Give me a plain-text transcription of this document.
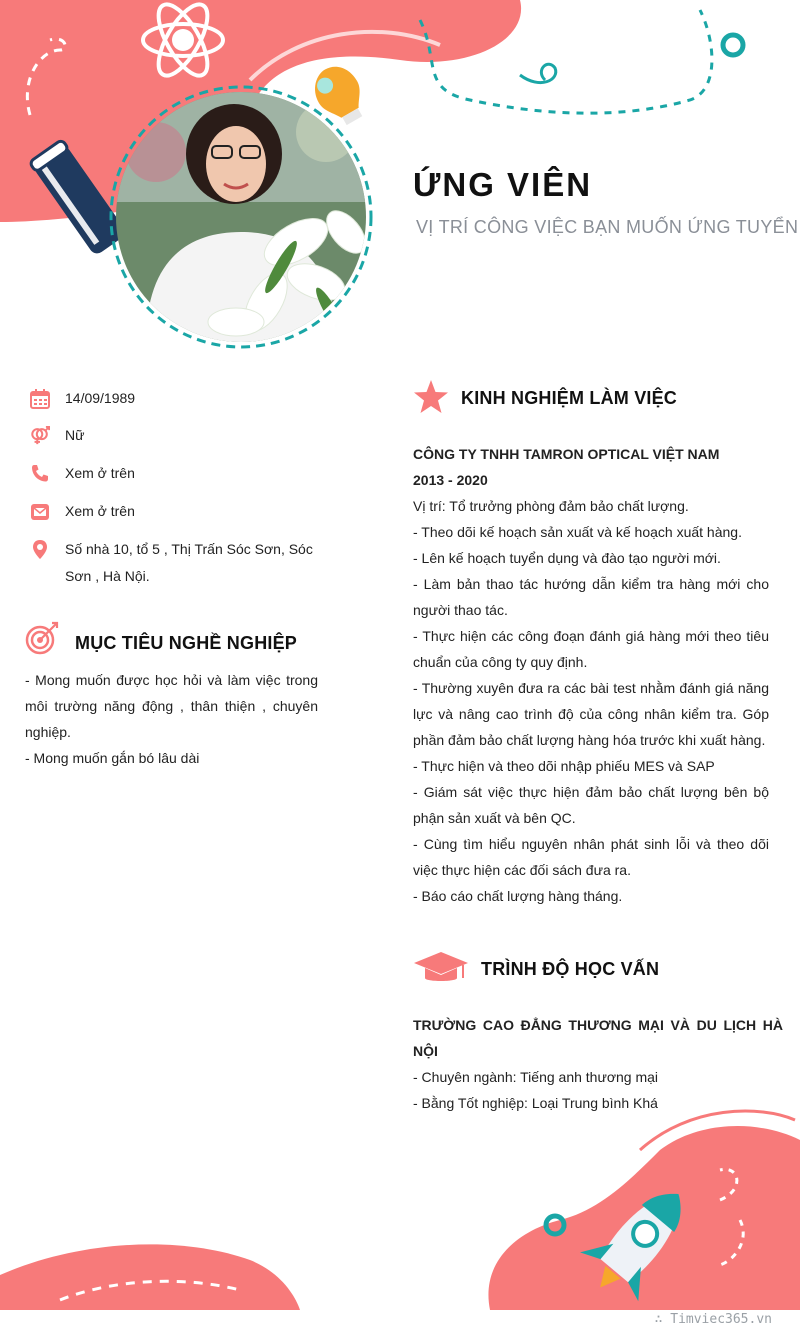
ỨNG VIÊN
VỊ TRÍ CÔNG VIỆC BẠN MUỐN ỨNG TUYỂN
14/09/1989
Nữ
Xem ở trên
Xem ở trên
Số nhà 10, tổ 5 , Thị Trấn Sóc Sơn, Sóc Sơn , Hà Nội.
MỤC TIÊU NGHỀ NGHIỆP
- Mong muốn được học hỏi và làm việc trong môi trường năng động , thân thiện , chuyên nghiệp.
- Mong muốn gắn bó lâu dài
KINH NGHIỆM LÀM VIỆC
CÔNG TY TNHH TAMRON OPTICAL VIỆT NAM
2013 - 2020
Vị trí: Tổ trưởng phòng đảm bảo chất lượng.
- Theo dõi kế hoạch sản xuất và kế hoạch xuất hàng.
- Lên kế hoạch tuyển dụng và đào tạo người mới.
- Làm bản thao tác hướng dẫn kiểm tra hàng mới cho người thao tác.
- Thực hiện các công đoạn đánh giá hàng mới theo tiêu chuẩn của công ty quy định.
- Thường xuyên đưa ra các bài test nhằm đánh giá năng lực và nâng cao trình độ của công nhân kiểm tra. Góp phần đảm bảo chất lượng hàng hóa trước khi xuất hàng.
- Thực hiện và theo dõi nhập phiếu MES và SAP
- Giám sát việc thực hiện đảm bảo chất lượng bên bộ phận sản xuất và bên QC.
- Cùng tìm hiểu nguyên nhân phát sinh lỗi và theo dõi việc thực hiện các đối sách đưa ra.
- Báo cáo chất lượng hàng tháng.
TRÌNH ĐỘ HỌC VẤN
TRƯỜNG CAO ĐẲNG THƯƠNG MẠI VÀ DU LỊCH HÀ NỘI
- Chuyên ngành: Tiếng anh thương mại
- Bằng Tốt nghiệp: Loại Trung bình Khá
∴ Timviec365.vn
